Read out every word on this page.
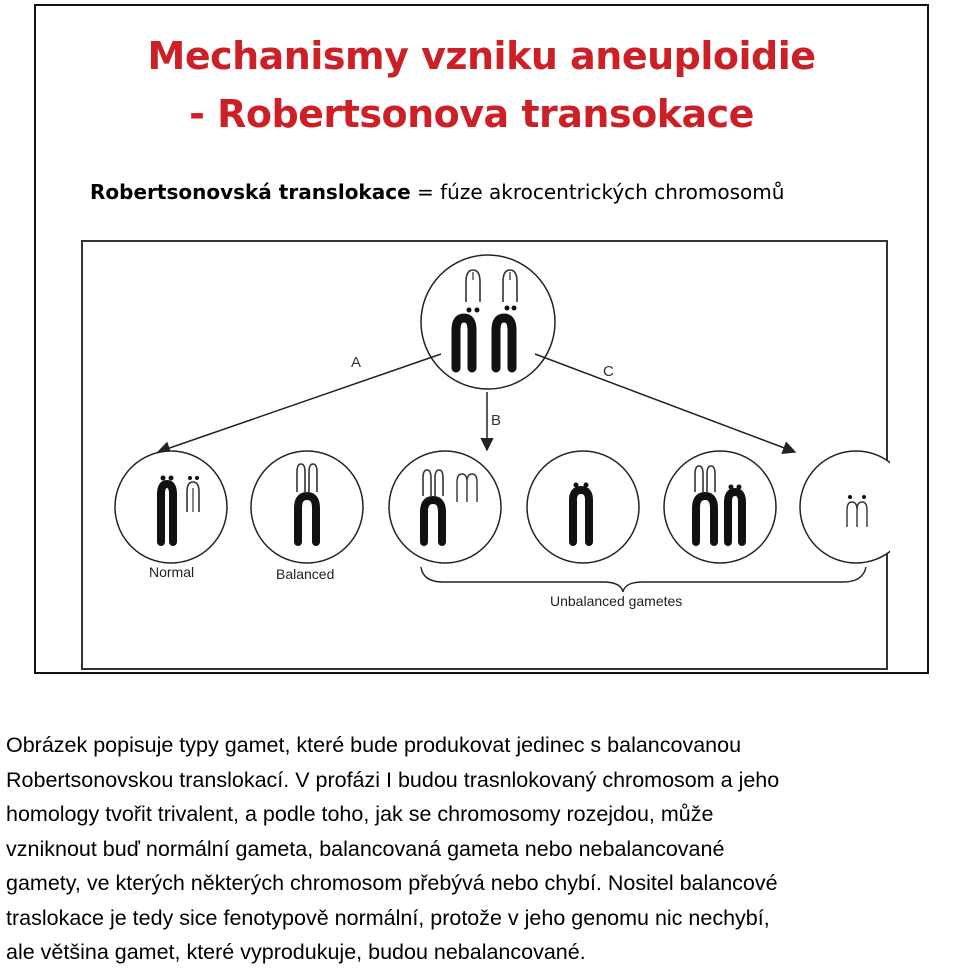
Mechanismy vzniku aneuploidie
- Robertsonova transokace
Robertsonovská translokace = fúze akrocentrických chromosomů
A
B
C
Normal	Balanced
Unbalanced gametes
Obrázek popisuje typy gamet, které bude produkovat jedinec s balancovanou
Robertsonovskou translokací. V profázi I budou trasnlokovaný chromosom a jeho
homology tvořit trivalent, a podle toho, jak se chromosomy rozejdou, může
vzniknout buď normální gameta, balancovaná gameta nebo nebalancované
gamety, ve kterých některých chromosom přebývá nebo chybí. Nositel balancové
traslokace je tedy sice fenotypově normální, protože v jeho genomu nic nechybí,
ale většina gamet, které vyprodukuje, budou nebalancované.
